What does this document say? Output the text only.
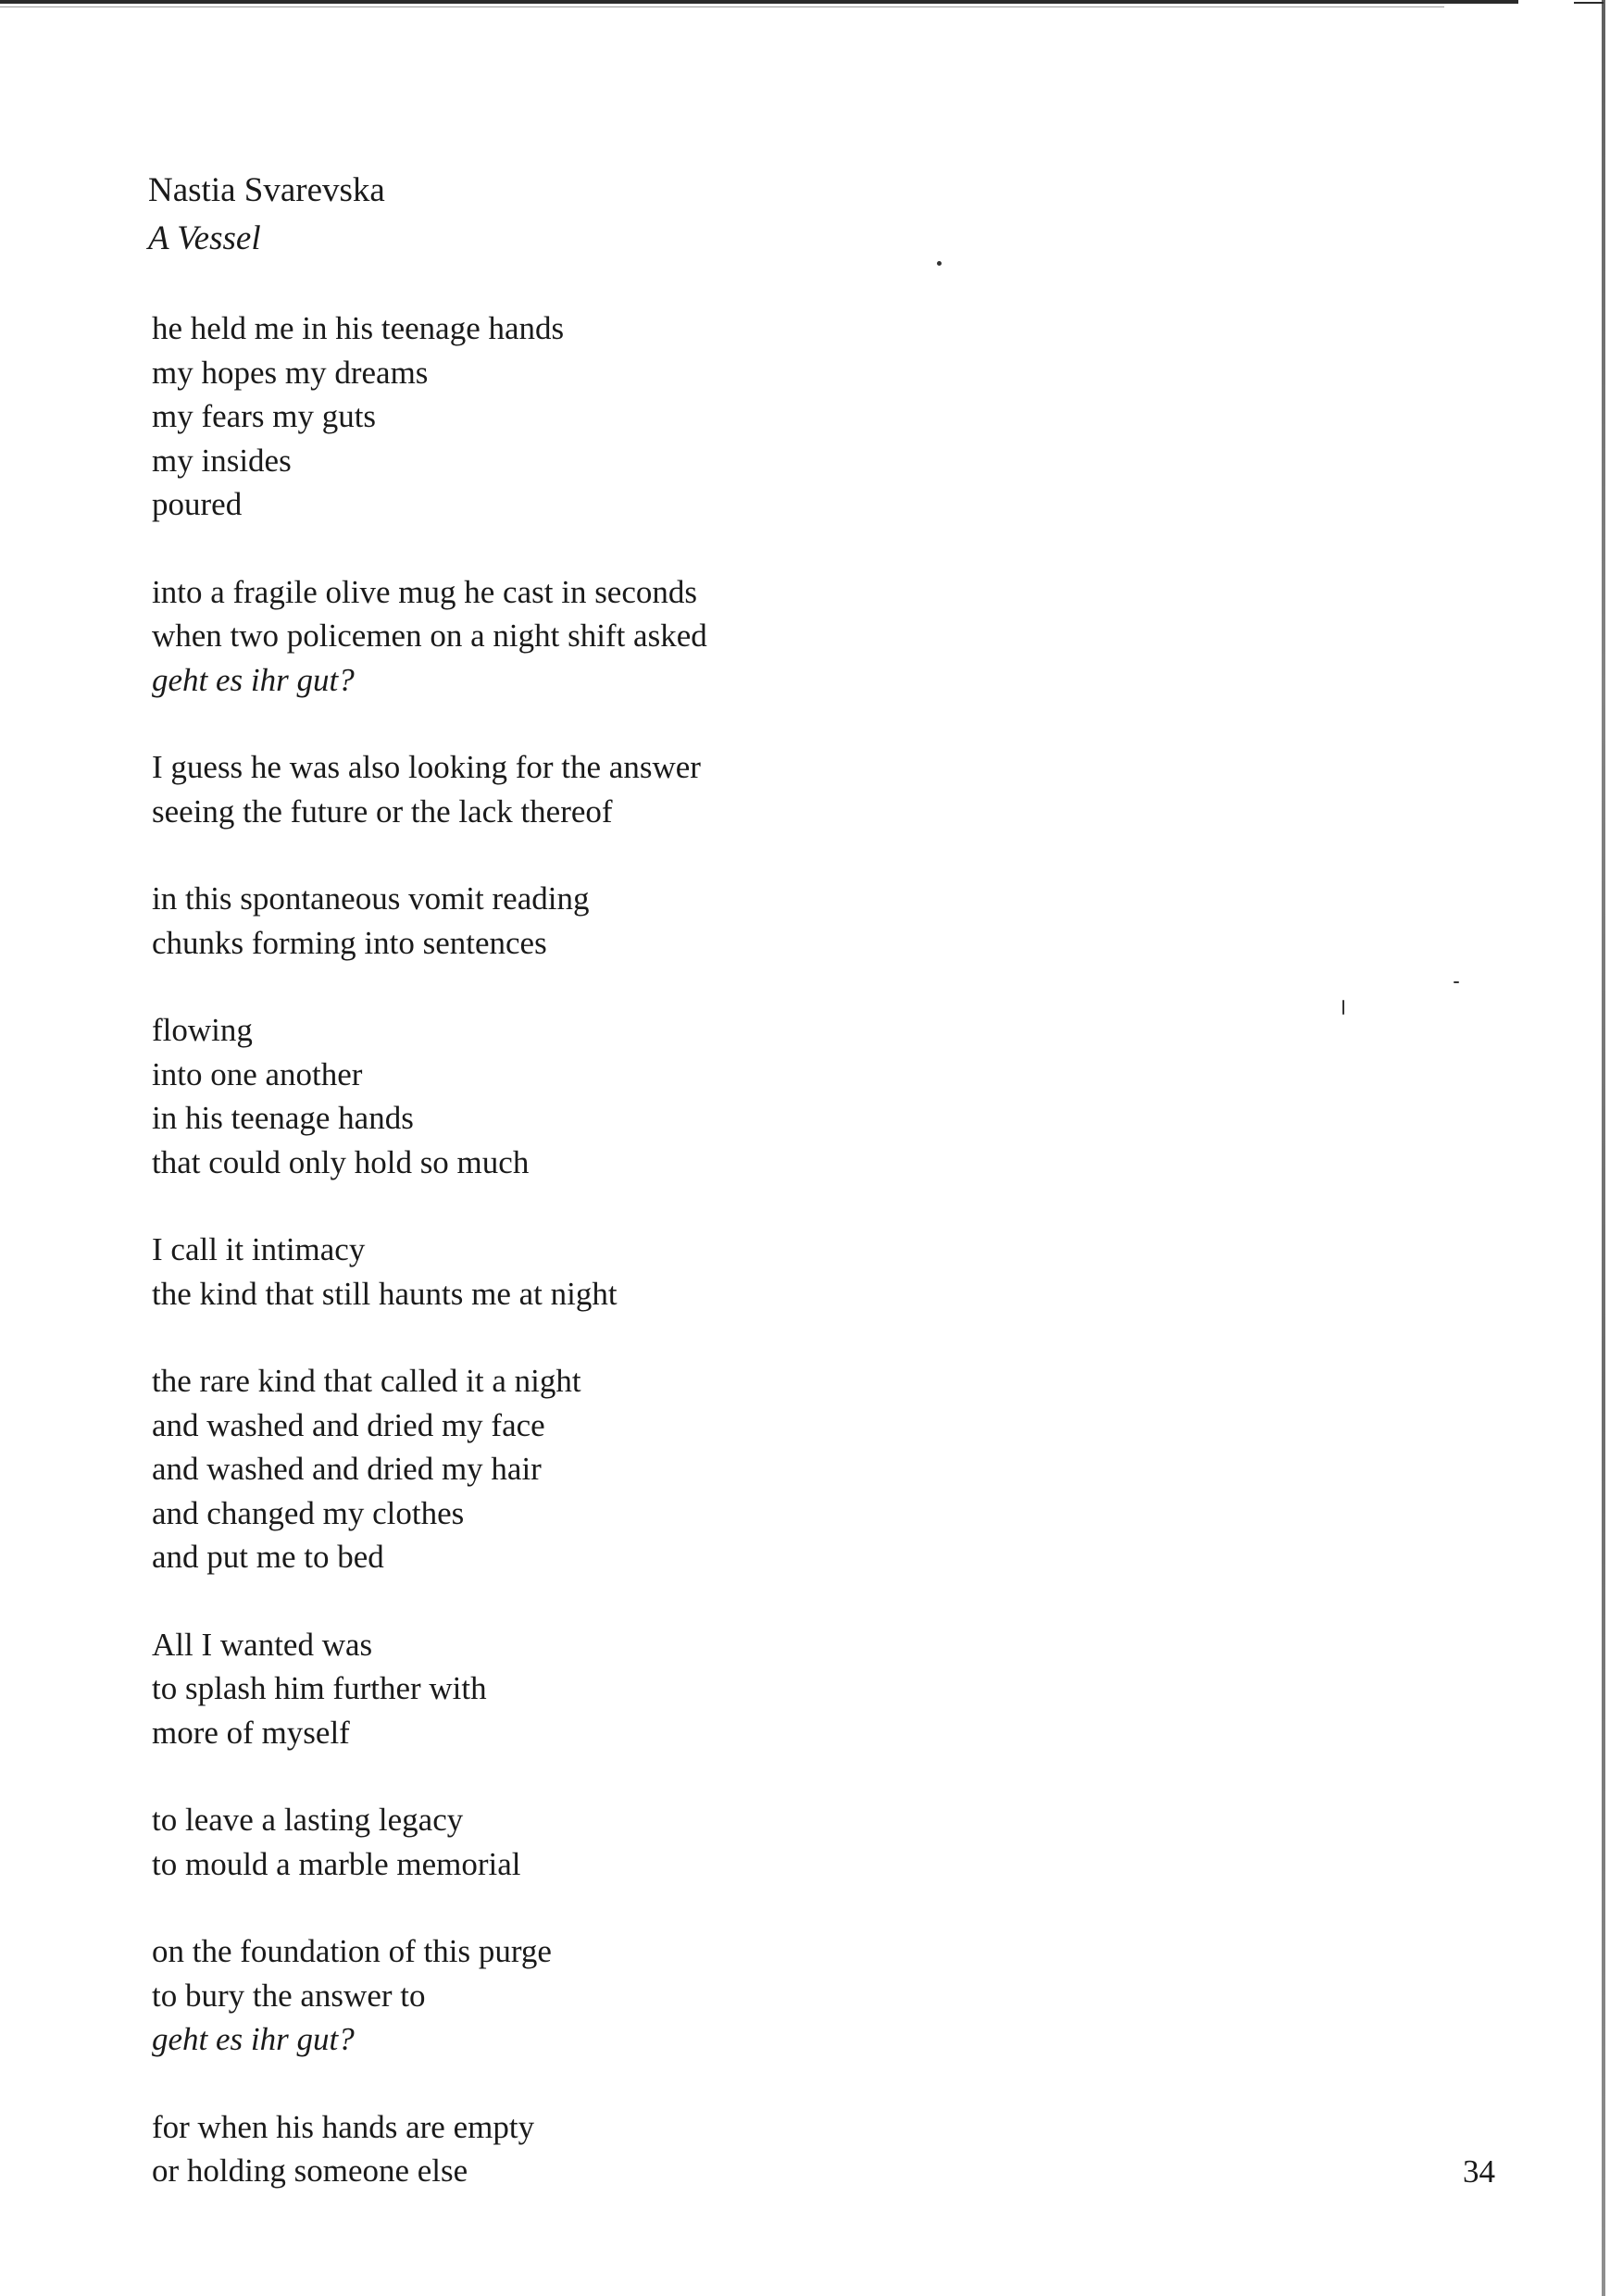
Nastia Svarevska
A Vessel
he held me in his teenage hands
my hopes my dreams
my fears my guts
my insides
poured
into a fragile olive mug he cast in seconds
when two policemen on a night shift asked
geht es ihr gut?
I guess he was also looking for the answer
seeing the future or the lack thereof
in this spontaneous vomit reading
chunks forming into sentences
flowing
into one another
in his teenage hands
that could only hold so much
I call it intimacy
the kind that still haunts me at night
the rare kind that called it a night
and washed and dried my face
and washed and dried my hair
and changed my clothes
and put me to bed
All I wanted was
to splash him further with
more of myself
to leave a lasting legacy
to mould a marble memorial
on the foundation of this purge
to bury the answer to
geht es ihr gut?
for when his hands are empty
or holding someone else	34
